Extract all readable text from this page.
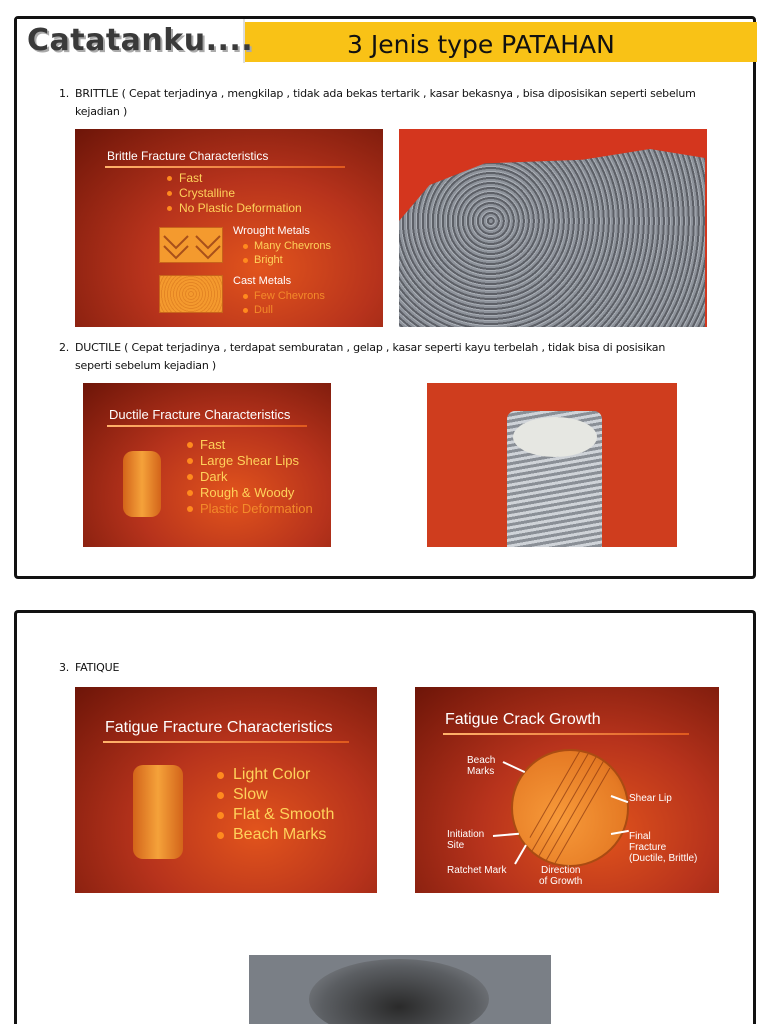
Catatanku....	3 Jenis type PATAHAN
1. BRITTLE ( Cepat terjadinya , mengkilap , tidak ada bekas tertarik , kasar bekasnya , bisa diposisikan seperti sebelum
kejadian )
Brittle Fracture Characteristics
Fast
Crystalline
No Plastic Deformation
Wrought Metals
Many Chevrons
Bright
Cast Metals
Few Chevrons
Dull
2. DUCTILE ( Cepat terjadinya , terdapat semburatan , gelap , kasar seperti kayu terbelah , tidak bisa di posisikan
seperti sebelum kejadian )
Ductile Fracture Characteristics
Fast
Large Shear Lips
Dark
Rough & Woody
Plastic Deformation
3. FATIQUE
Fatigue Fracture Characteristics
Light Color
Slow
Flat & Smooth
Beach Marks
Fatigue Crack Growth
Beach
Marks
Shear Lip
Initiation
Site
Final
Fracture
(Ductile, Brittle)
Ratchet Mark	Direction
of Growth
